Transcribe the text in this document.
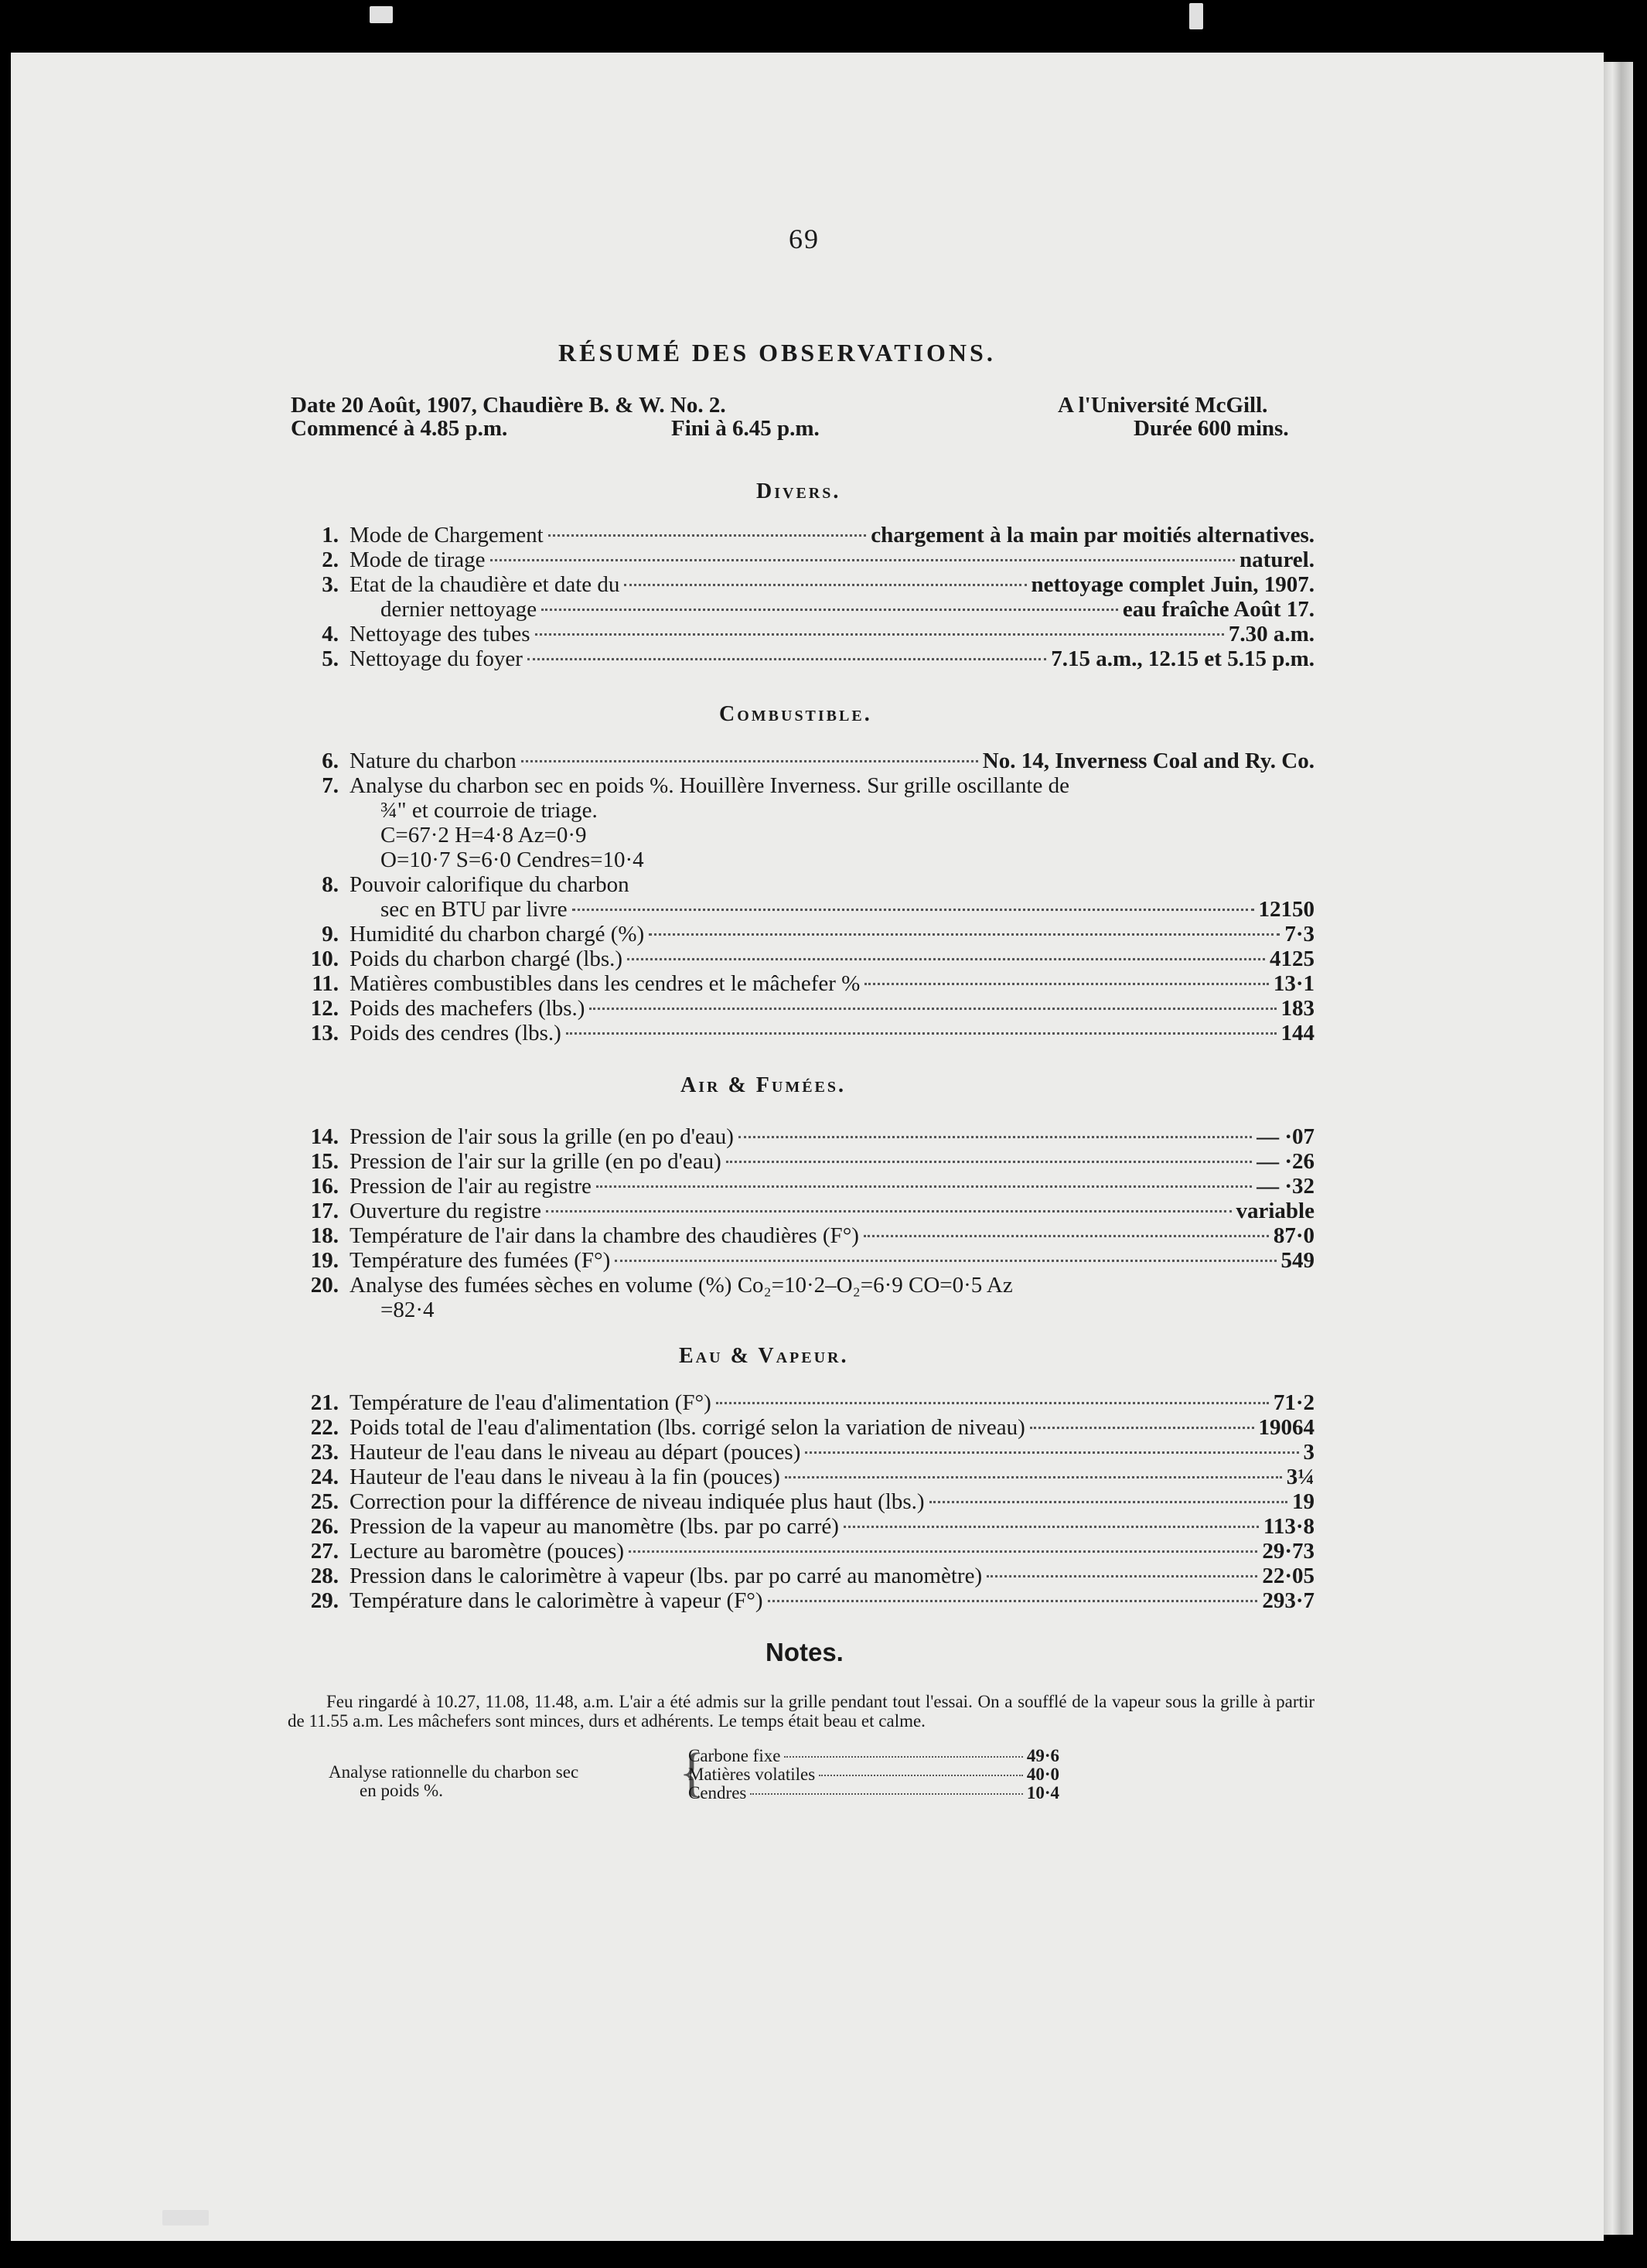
69
RÉSUMÉ DES OBSERVATIONS.
Date 20 Août, 1907, Chaudière B. & W. No. 2.	A l'Université McGill.
Commencé à 4.85 p.m.	Fini à 6.45 p.m.	Durée 600 mins.
Divers.
1. Mode de Chargement	chargement à la main par moitiés alternatives.
2. Mode de tirage	naturel.
3. Etat de la chaudière et date du	nettoyage complet Juin, 1907.
dernier nettoyage	eau fraîche Août 17.
4. Nettoyage des tubes	7.30 a.m.
5. Nettoyage du foyer	7.15 a.m., 12.15 et 5.15 p.m.
Combustible.
6. Nature du charbon	No. 14, Inverness Coal and Ry. Co.
7. Analyse du charbon sec en poids %. Houillère Inverness. Sur grille oscillante de
¾" et courroie de triage.
C=67·2 H=4·8 Az=0·9
O=10·7 S=6·0 Cendres=10·4
8. Pouvoir calorifique du charbon
sec en BTU par livre	12150
9. Humidité du charbon chargé (%)	7·3
10. Poids du charbon chargé (lbs.)	4125
11. Matières combustibles dans les cendres et le mâchefer %	13·1
12. Poids des machefers (lbs.)	183
13. Poids des cendres (lbs.)	144
Air & Fumées.
14. Pression de l'air sous la grille (en po d'eau)	— ·07
15. Pression de l'air sur la grille (en po d'eau)	— ·26
16. Pression de l'air au registre	— ·32
17. Ouverture du registre	variable
18. Température de l'air dans la chambre des chaudières (F°)	87·0
19. Température des fumées (F°)	549
20. Analyse des fumées sèches en volume (%) Co₂=10·2–O₂=6·9 CO=0·5 Az
=82·4
Eau & Vapeur.
21. Température de l'eau d'alimentation (F°)	71·2
22. Poids total de l'eau d'alimentation (lbs. corrigé selon la variation de niveau)	19064
23. Hauteur de l'eau dans le niveau au départ (pouces)	3
24. Hauteur de l'eau dans le niveau à la fin (pouces)	3¼
25. Correction pour la différence de niveau indiquée plus haut (lbs.)	19
26. Pression de la vapeur au manomètre (lbs. par po carré)	113·8
27. Lecture au baromètre (pouces)	29·73
28. Pression dans le calorimètre à vapeur (lbs. par po carré au manomètre)	22·05
29. Température dans le calorimètre à vapeur (F°)	293·7
Notes.
Feu ringardé à 10.27, 11.08, 11.48, a.m. L'air a été admis sur la grille pendant tout l'essai. On a soufflé de la vapeur sous la grille à partir de 11.55 a.m. Les mâchefers sont minces, durs et adhérents. Le temps était beau et calme.
Analyse rationnelle du charbon sec
en poids %.	{
Carbone fixe	49·6
Matières volatiles	40·0
Cendres	10·4
